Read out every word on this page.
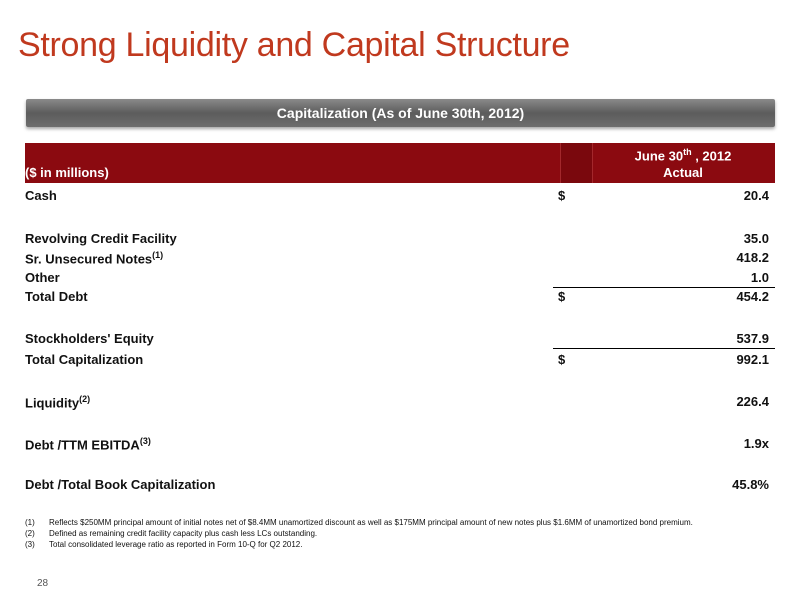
Strong Liquidity and Capital Structure
Capitalization (As of June 30th, 2012)
($ in millions)
June 30th , 2012
Actual
Cash	$	20.4
Revolving Credit Facility	35.0
Sr. Unsecured Notes$^{(1)}$	418.2
Other	1.0
Total Debt	$	454.2
Stockholders' Equity	537.9
Total Capitalization	$	992.1
Liquidity$^{(2)}$	226.4
Debt /TTM EBITDA$^{(3)}$	1.9x
Debt /Total Book Capitalization	45.8%
(1)	Reflects $250MM principal amount of initial notes net of $8.4MM unamortized discount as well as $175MM principal amount of new notes plus $1.6MM of unamortized bond premium.
(2)	Defined as remaining credit facility capacity plus cash less LCs outstanding.
(3)	Total consolidated leverage ratio as reported in Form 10-Q for Q2 2012.
28
